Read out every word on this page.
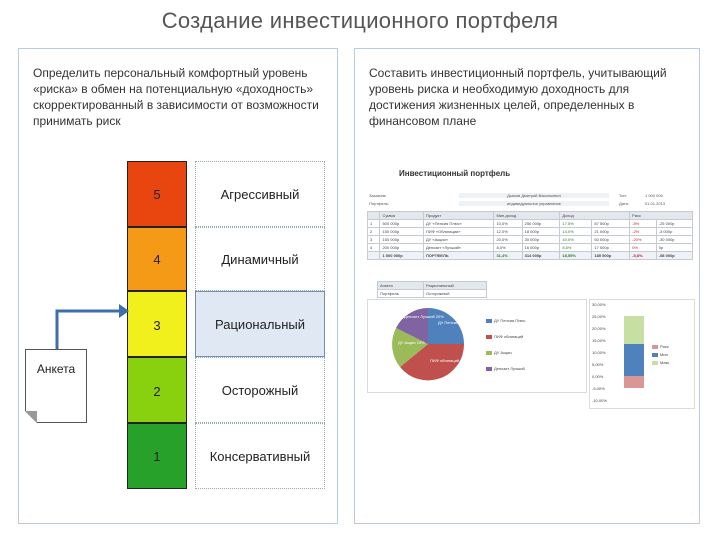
Создание инвестиционного портфеля
Определить персональный комфортный уровень «риска» в обмен на потенциальную «доходность» скорректированный в зависимости от возможности принимать риск
5
4
3
2
1
Агрессивный
Динамичный
Рациональный
Осторожный
Консервативный
Анкета
Составить инвестиционный портфель, учитывающий уровень риска и необходимую доходность для достижения жизненных целей, определенных в финансовом плане
Инвестиционный портфель
Заказчик:	Дьяков Дмитрий Васильевич	Тип:	1 000 000
Портфель:	индивидуальное управление	Дата:	01.01.2013
	Сумма	Продукт	Мин.доход		Доход		Риск	
1	500 000р	ДУ «Пенсия Плюс»	10,0%	250 000р	17,5%	87 500р	-5%	-25 000р
2	150 000р	ПИФ «Облигации»	12,0%	18 000р	14,0%	21 000р	-2%	-3 000р
3	150 000р	ДУ «Акции»	20,0%	30 000р	40,0%	60 000р	-20%	-30 000р
4	200 000р	Депозит «Лучший»	8,0%	16 000р	8,5%	17 000р	0%	0р
	1 000 000р	ПОРТФЕЛЬ	31,4%	314 000р	18,55%	185 500р	-5,8%	-58 000р
Анкета	Рациональный
Портфель	Осторожный
Депозит Лучший 20%
ДУ Пенсия Плюс 50%
ДУ Акции 15%
ПИФ облигаций 15%
ДУ Пенсия Плюс
ПИФ облигаций
ДУ Акции
Депозит Лучший
30,00%
25,00%
20,00%
15,00%
10,00%
5,00%
0,00%
-5,00%
-10,00%
Риск
Мин
Макс
